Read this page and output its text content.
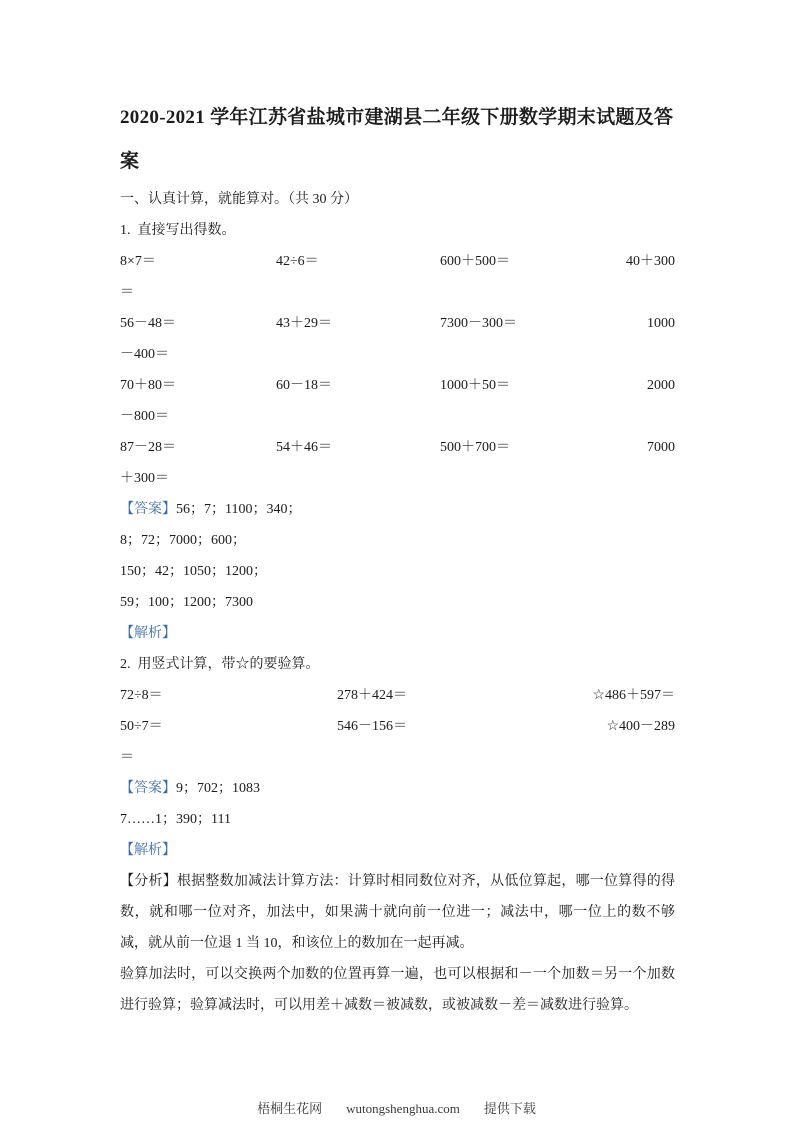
2020-2021 学年江苏省盐城市建湖县二年级下册数学期末试题及答案

一、认真计算，就能算对。（共 30 分）

1.  直接写出得数。

8×7＝	42÷6＝	600＋500＝	40＋300

＝

56－48＝	43＋29＝	7300－300＝	1000

－400＝

70＋80＝	60－18＝	1000＋50＝	2000

－800＝

87－28＝	54＋46＝	500＋700＝	7000

＋300＝

【答案】56；7；1100；340；

8；72；7000；600；

150；42；1050；1200；

59；100；1200；7300

【解析】

2.  用竖式计算，带☆的要验算。

72÷8＝	278＋424＝	☆486＋597＝
50÷7＝	546－156＝	☆400－289

＝

【答案】9；702；1083

7……1；390；111

【解析】

【分析】根据整数加减法计算方法：计算时相同数位对齐，从低位算起，哪一位算得的得数，就和哪一位对齐，加法中，如果满十就向前一位进一；减法中，哪一位上的数不够减，就从前一位退 1 当 10，和该位上的数加在一起再减。

验算加法时，可以交换两个加数的位置再算一遍，也可以根据和－一个加数＝另一个加数进行验算；验算减法时，可以用差＋减数＝被减数，或被减数－差＝减数进行验算。

梧桐生花网 wutongshenghua.com 提供下载
